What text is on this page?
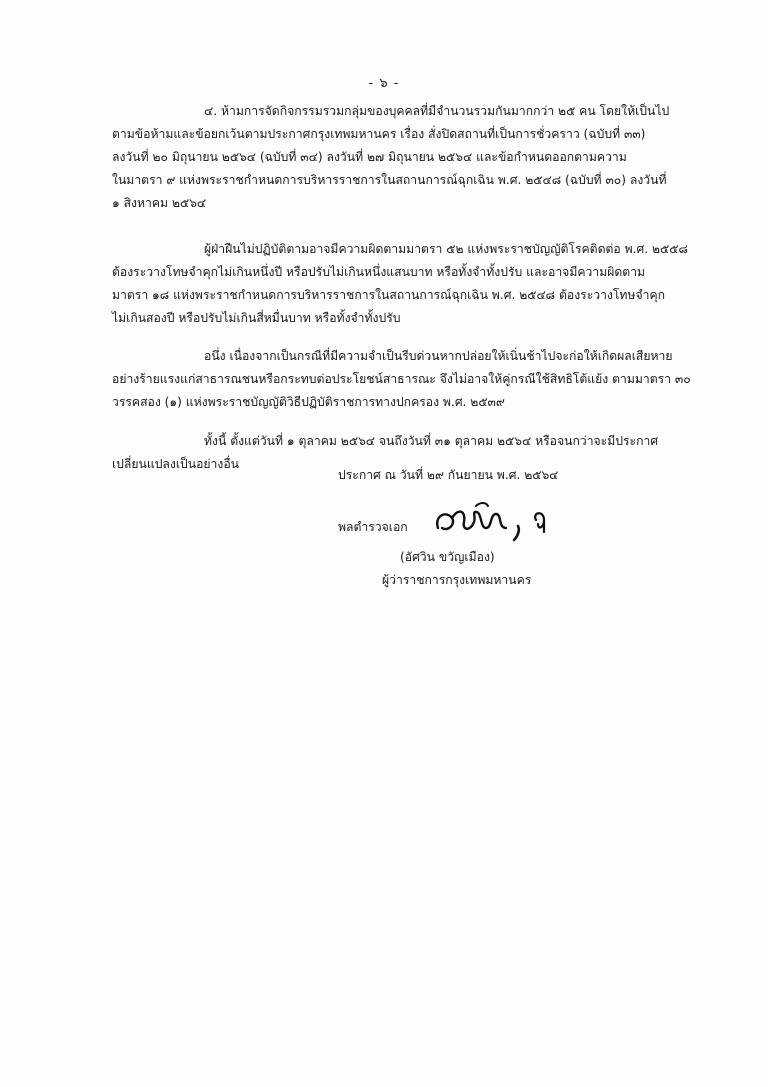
- ๖ -
๔. ห้ามการจัดกิจกรรมรวมกลุ่มของบุคคลที่มีจำนวนรวมกันมากกว่า ๒๕ คน โดยให้เป็นไป
ตามข้อห้ามและข้อยกเว้นตามประกาศกรุงเทพมหานคร เรื่อง สั่งปิดสถานที่เป็นการชั่วคราว (ฉบับที่ ๓๓)
ลงวันที่ ๒๐ มิถุนายน ๒๕๖๔ (ฉบับที่ ๓๔) ลงวันที่ ๒๗ มิถุนายน ๒๕๖๔ และข้อกำหนดออกตามความ
ในมาตรา ๙ แห่งพระราชกำหนดการบริหารราชการในสถานการณ์ฉุกเฉิน พ.ศ. ๒๕๔๘ (ฉบับที่ ๓๐) ลงวันที่
๑ สิงหาคม ๒๕๖๔
ผู้ฝ่าฝืนไม่ปฏิบัติตามอาจมีความผิดตามมาตรา ๕๒ แห่งพระราชบัญญัติโรคติดต่อ พ.ศ. ๒๕๕๘
ต้องระวางโทษจำคุกไม่เกินหนึ่งปี หรือปรับไม่เกินหนึ่งแสนบาท หรือทั้งจำทั้งปรับ และอาจมีความผิดตาม
มาตรา ๑๘ แห่งพระราชกำหนดการบริหารราชการในสถานการณ์ฉุกเฉิน พ.ศ. ๒๕๔๘ ต้องระวางโทษจำคุก
ไม่เกินสองปี หรือปรับไม่เกินสี่หมื่นบาท หรือทั้งจำทั้งปรับ
อนึ่ง เนื่องจากเป็นกรณีที่มีความจำเป็นรีบด่วนหากปล่อยให้เนิ่นช้าไปจะก่อให้เกิดผลเสียหาย
อย่างร้ายแรงแก่สาธารณชนหรือกระทบต่อประโยชน์สาธารณะ จึงไม่อาจให้คู่กรณีใช้สิทธิโต้แย้ง ตามมาตรา ๓๐
วรรคสอง (๑) แห่งพระราชบัญญัติวิธีปฏิบัติราชการทางปกครอง พ.ศ. ๒๕๓๙
ทั้งนี้ ตั้งแต่วันที่ ๑ ตุลาคม ๒๕๖๔ จนถึงวันที่ ๓๑ ตุลาคม ๒๕๖๔ หรือจนกว่าจะมีประกาศ
เปลี่ยนแปลงเป็นอย่างอื่น
ประกาศ ณ วันที่ ๒๙ กันยายน พ.ศ. ๒๕๖๔
พลตำรวจเอก
(อัศวิน ขวัญเมือง)
ผู้ว่าราชการกรุงเทพมหานคร
